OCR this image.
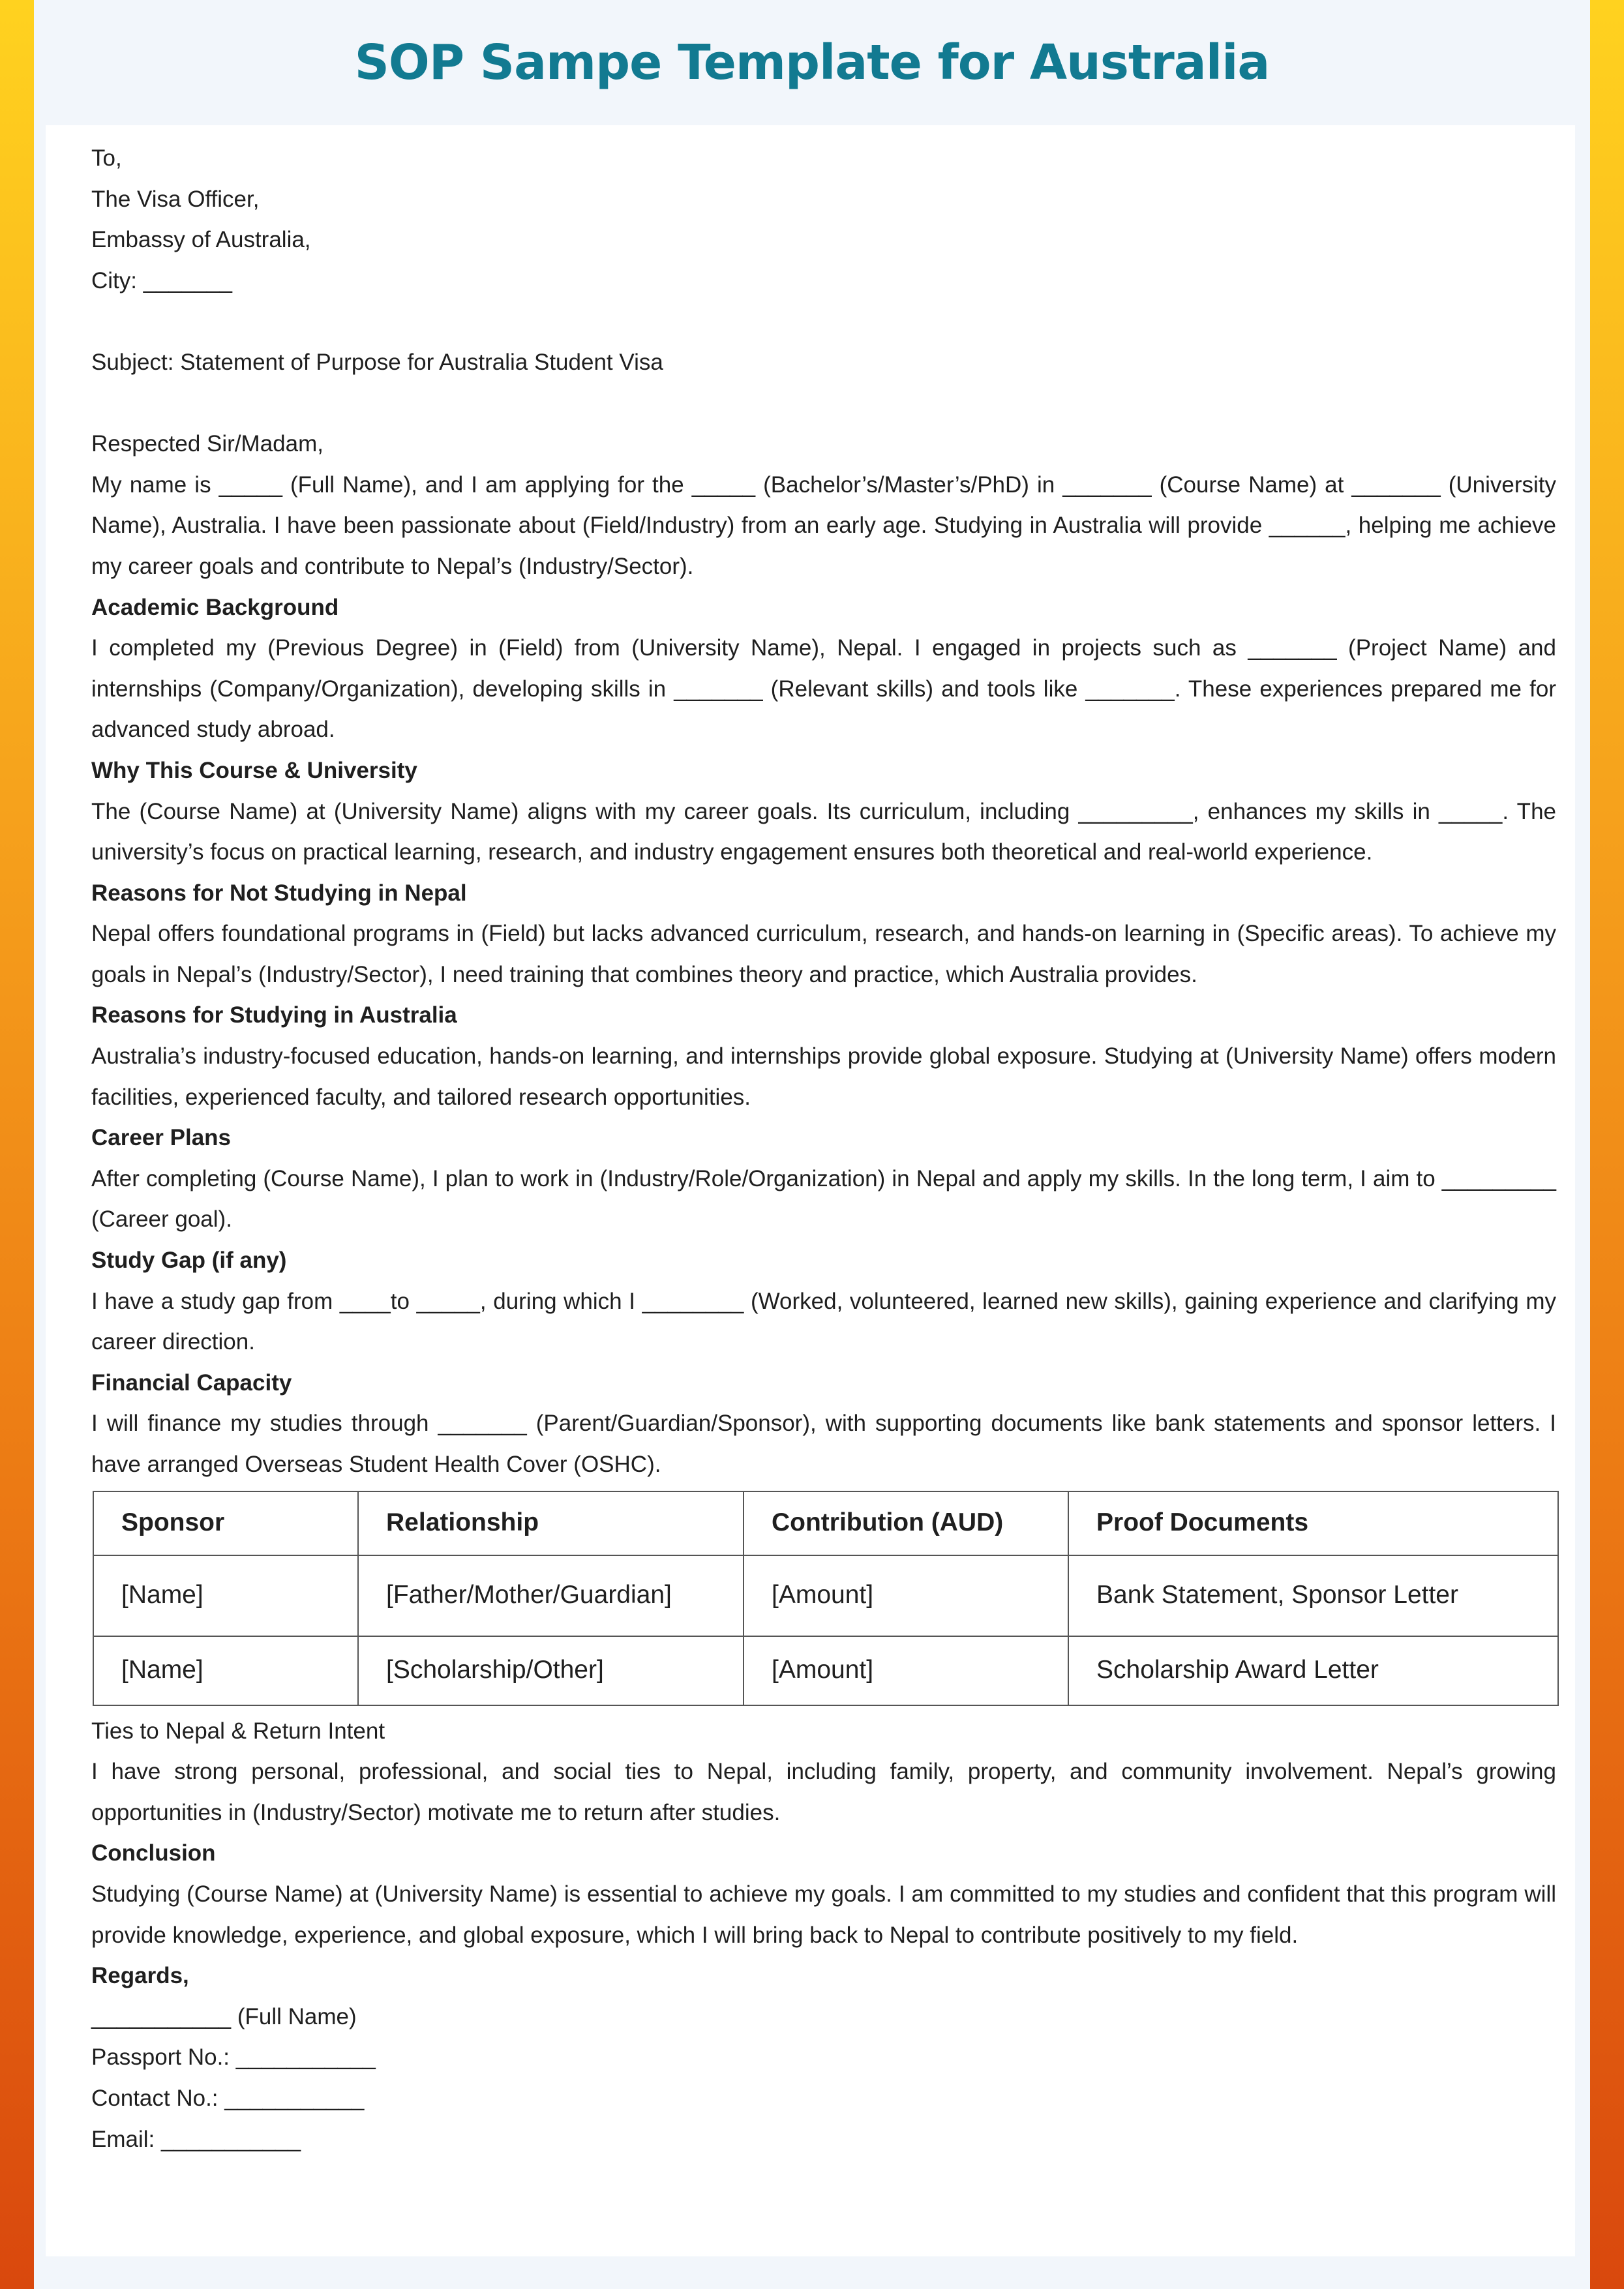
SOP Sampe Template for Australia
To,
The Visa Officer,
Embassy of Australia,
City: _______
Subject: Statement of Purpose for Australia Student Visa
Respected Sir/Madam,

My name is _____ (Full Name), and I am applying for the _____ (Bachelor’s/Master’s/PhD) in _______ (Course Name) at _______ (University Name), Australia. I have been passionate about (Field/Industry) from an early age. Studying in Australia will provide ______, helping me achieve my career goals and contribute to Nepal’s (Industry/Sector).

Academic Background

I completed my (Previous Degree) in (Field) from (University Name), Nepal. I engaged in projects such as _______ (Project Name) and internships (Company/Organization), developing skills in _______ (Relevant skills) and tools like _______. These experiences prepared me for advanced study abroad.

Why This Course & University

The (Course Name) at (University Name) aligns with my career goals. Its curriculum, including _________, enhances my skills in _____. The university’s focus on practical learning, research, and industry engagement ensures both theoretical and real-world experience.

Reasons for Not Studying in Nepal

Nepal offers foundational programs in (Field) but lacks advanced curriculum, research, and hands-on learning in (Specific areas). To achieve my goals in Nepal’s (Industry/Sector), I need training that combines theory and practice, which Australia provides.

Reasons for Studying in Australia

Australia’s industry-focused education, hands-on learning, and internships provide global exposure. Studying at (University Name) offers modern facilities, experienced faculty, and tailored research opportunities.

Career Plans

After completing (Course Name), I plan to work in (Industry/Role/Organization) in Nepal and apply my skills. In the long term, I aim to _________ (Career goal).

Study Gap (if any)

I have a study gap from ____to _____, during which I ________ (Worked, volunteered, learned new skills), gaining experience and clarifying my career direction.

Financial Capacity

I will finance my studies through _______ (Parent/Guardian/Sponsor), with supporting documents like bank statements and sponsor letters. I have arranged Overseas Student Health Cover (OSHC).

Sponsor	Relationship	Contribution (AUD)	Proof Documents
[Name]	[Father/Mother/Guardian]	[Amount]	Bank Statement, Sponsor Letter
[Name]	[Scholarship/Other]	[Amount]	Scholarship Award Letter
Ties to Nepal & Return Intent

I have strong personal, professional, and social ties to Nepal, including family, property, and community involvement. Nepal’s growing opportunities in (Industry/Sector) motivate me to return after studies.

Conclusion

Studying (Course Name) at (University Name) is essential to achieve my goals. I am committed to my studies and confident that this program will provide knowledge, experience, and global exposure, which I will bring back to Nepal to contribute positively to my field.

Regards,

___________ (Full Name)
Passport No.: ___________
Contact No.: ___________
Email: ___________
